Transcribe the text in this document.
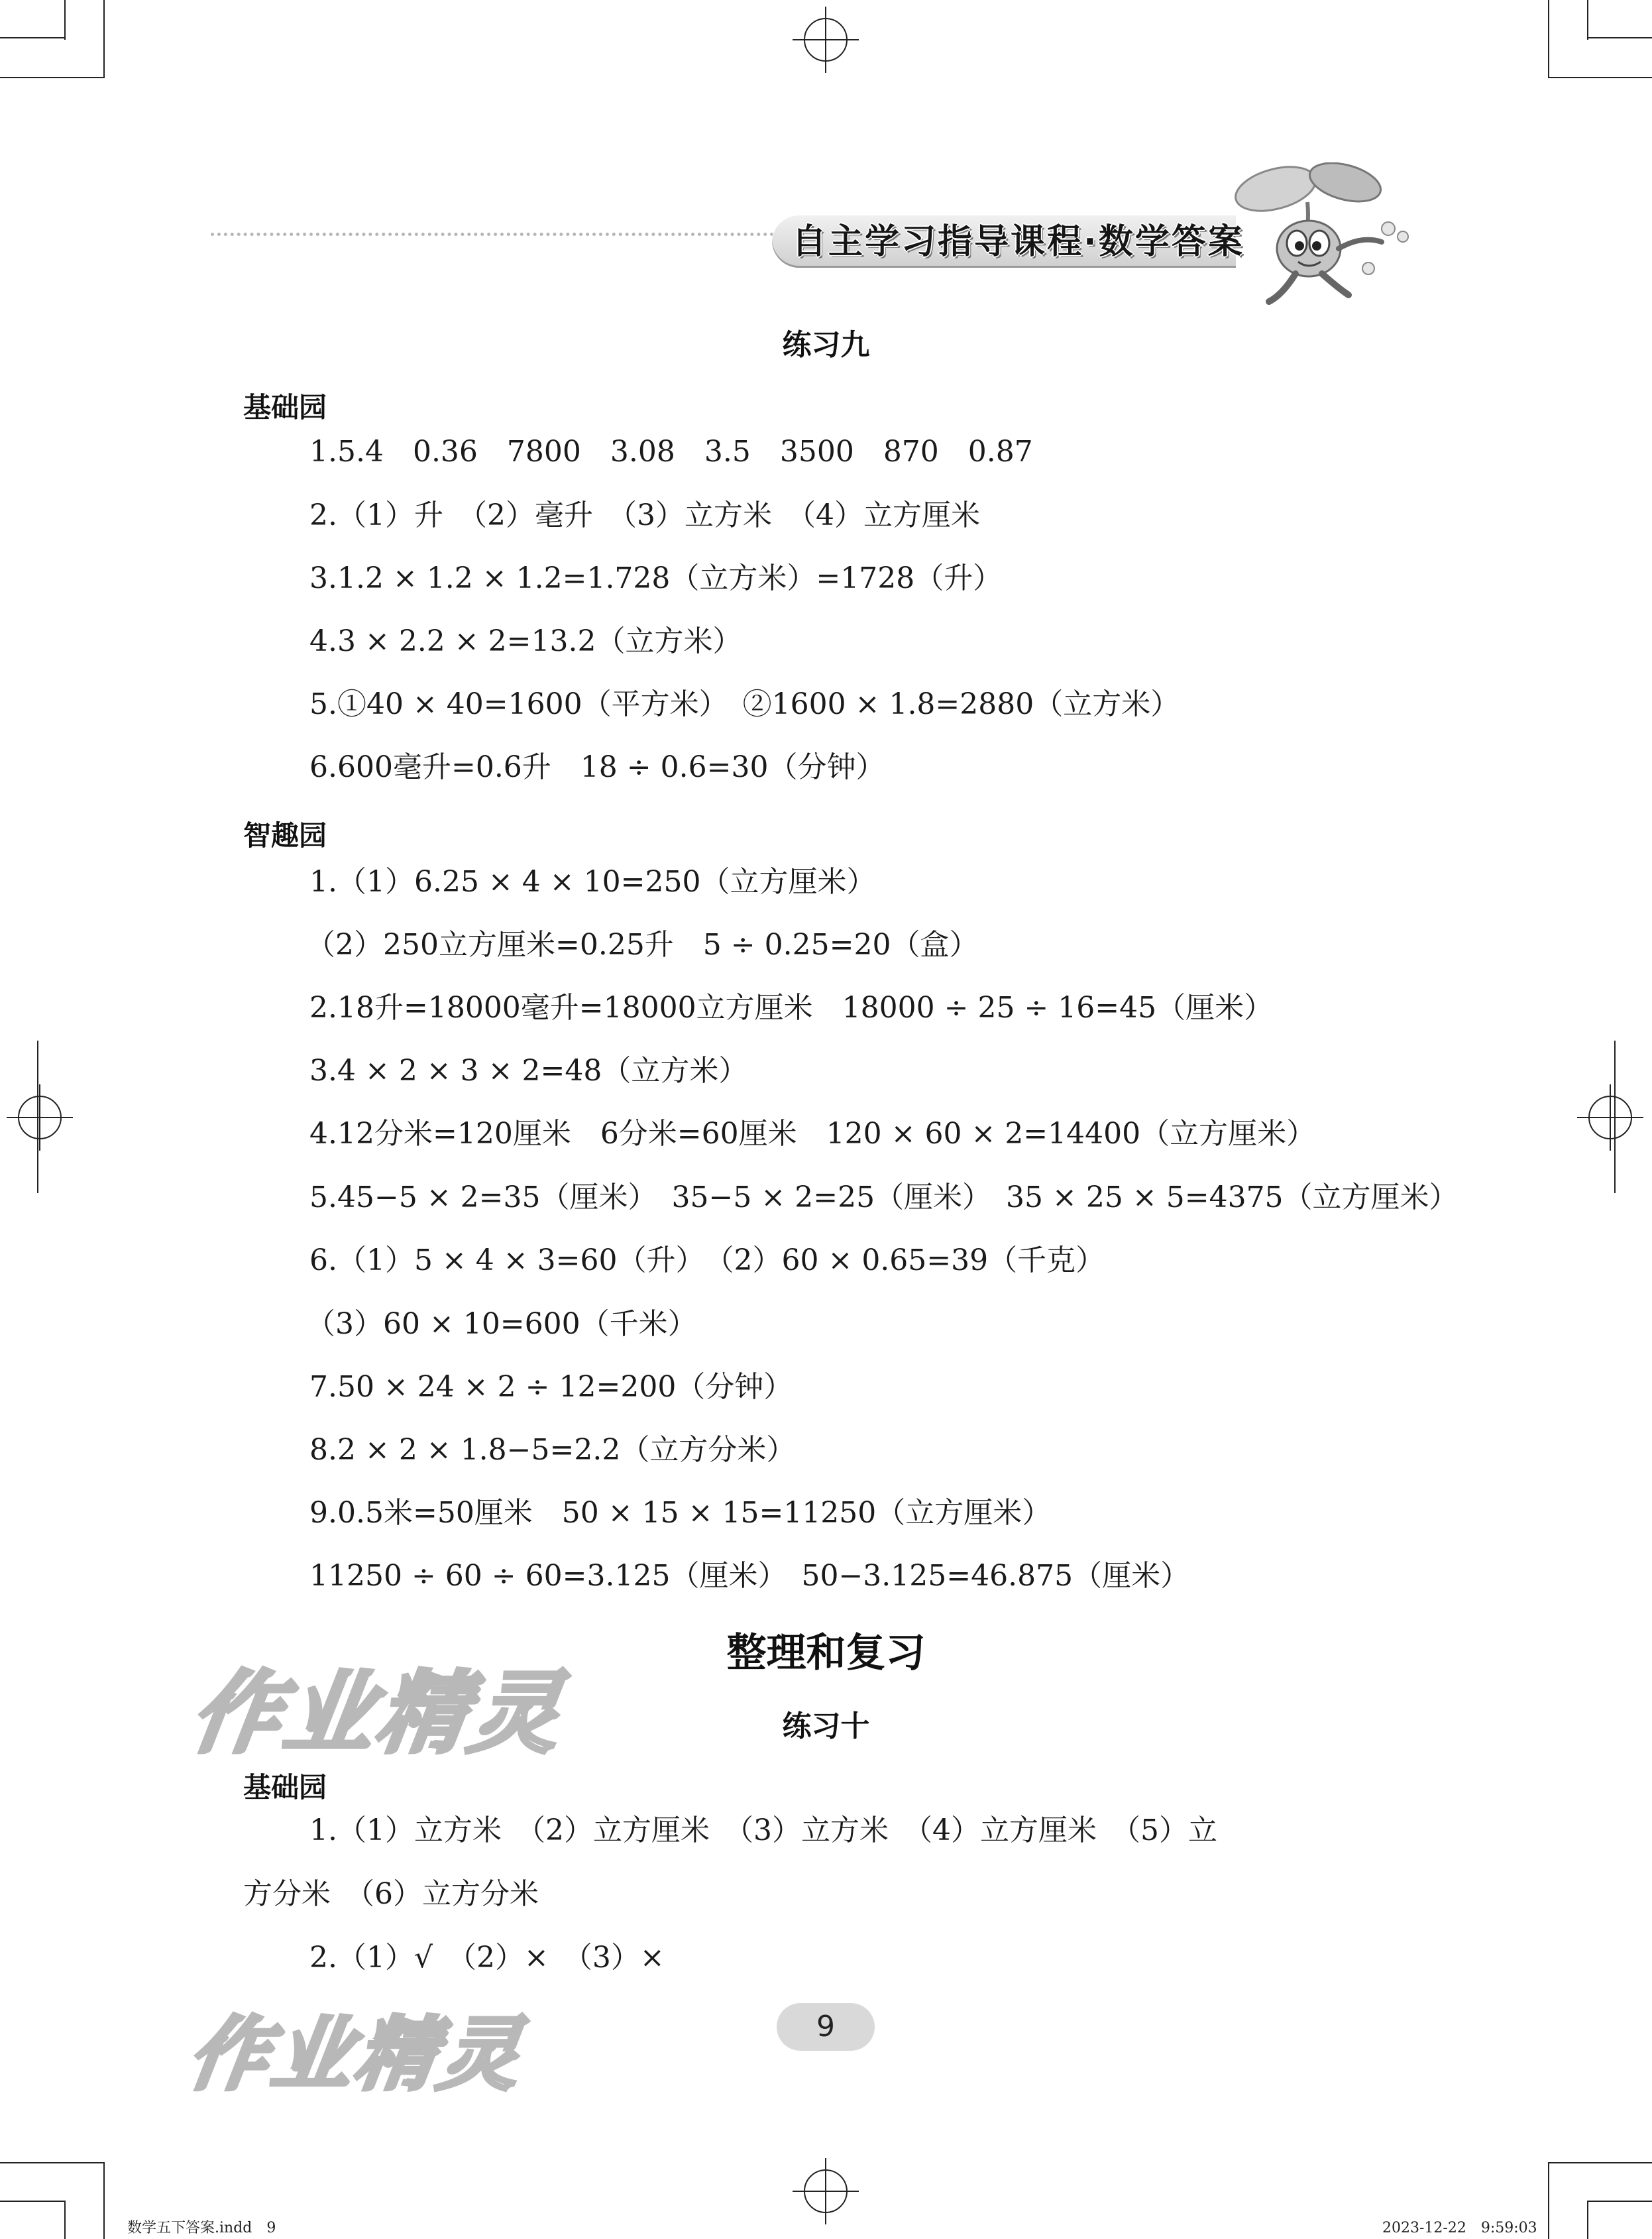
自主学习指导课程·数学答案
练习九
基础园
1.5.4　0.36　7800　3.08　3.5　3500　870　0.87
2.（1）升　（2）毫升　（3）立方米　（4）立方厘米
3.1.2 × 1.2 × 1.2=1.728（立方米）=1728（升）
4.3 × 2.2 × 2=13.2（立方米）
5.①40 × 40=1600（平方米）　②1600 × 1.8=2880（立方米）
6.600毫升=0.6升　18 ÷ 0.6=30（分钟）
智趣园
1.（1）6.25 × 4 × 10=250（立方厘米）
（2）250立方厘米=0.25升　5 ÷ 0.25=20（盒）
2.18升=18000毫升=18000立方厘米　18000 ÷ 25 ÷ 16=45（厘米）
3.4 × 2 × 3 × 2=48（立方米）
4.12分米=120厘米　6分米=60厘米　120 × 60 × 2=14400（立方厘米）
5.45−5 × 2=35（厘米）　35−5 × 2=25（厘米）　35 × 25 × 5=4375（立方厘米）
6.（1）5 × 4 × 3=60（升）　（2）60 × 0.65=39（千克）
（3）60 × 10=600（千米）
7.50 × 24 × 2 ÷ 12=200（分钟）
8.2 × 2 × 1.8−5=2.2（立方分米）
9.0.5米=50厘米　50 × 15 × 15=11250（立方厘米）
11250 ÷ 60 ÷ 60=3.125（厘米）　50−3.125=46.875（厘米）
整理和复习
作业精灵	练习十
基础园
1.（1）立方米　（2）立方厘米　（3）立方米　（4）立方厘米　（5）立
方分米　（6）立方分米
2.（1）√　（2）×　（3）×
作业精灵	9
数学五下答案.indd　9	2023-12-22　9:59:03
